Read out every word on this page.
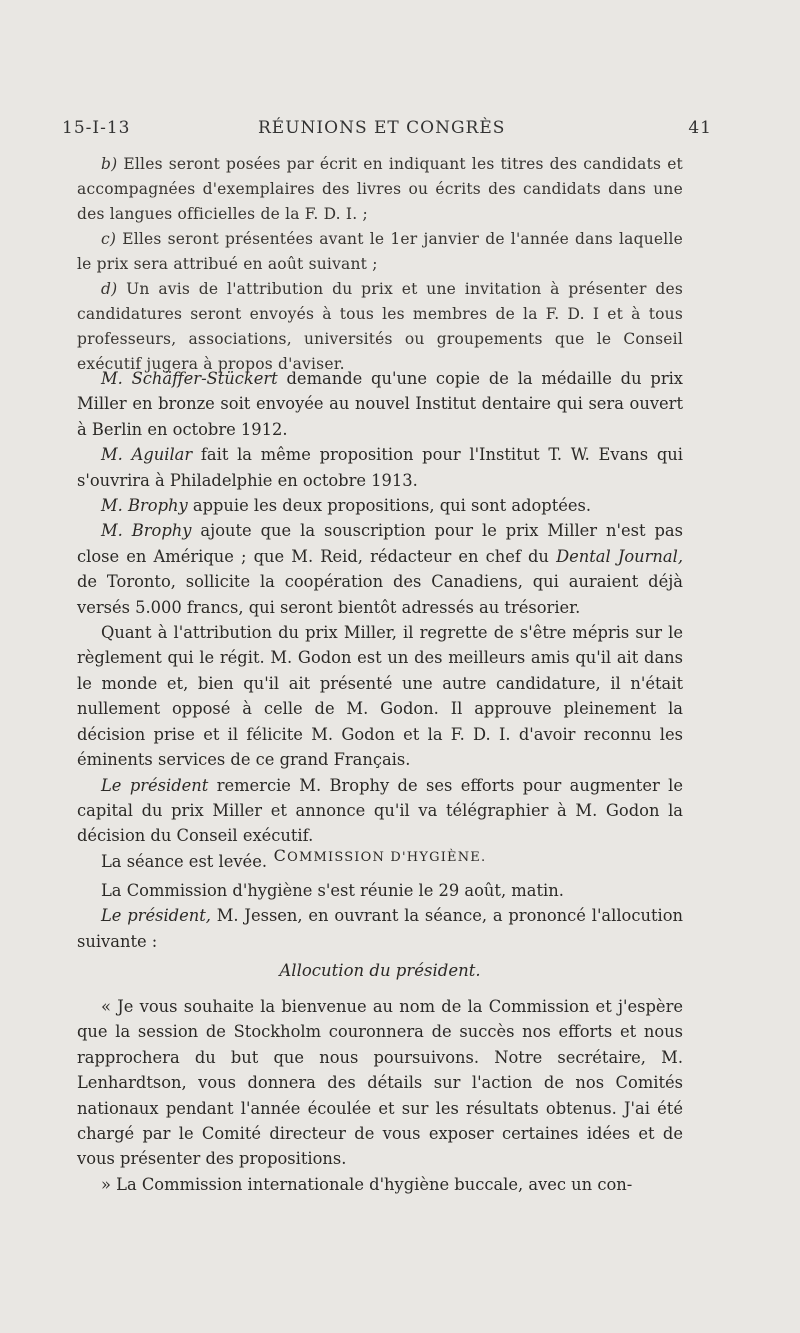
15-I-13	RÉUNIONS ET CONGRÈS	41

b) Elles seront posées par écrit en indiquant les titres des candidats et accompagnées d'exemplaires des livres ou écrits des candidats dans une des langues officielles de la F. D. I. ;

c) Elles seront présentées avant le 1er janvier de l'année dans laquelle le prix sera attribué en août suivant ;

d) Un avis de l'attribution du prix et une invitation à présenter des candidatures seront envoyés à tous les membres de la F. D. I et à tous professeurs, associations, universités ou groupements que le Conseil exécutif jugera à propos d'aviser.

M. Schäffer-Stückert demande qu'une copie de la médaille du prix Miller en bronze soit envoyée au nouvel Institut dentaire qui sera ouvert à Berlin en octobre 1912.

M. Aguilar fait la même proposition pour l'Institut T. W. Evans qui s'ouvrira à Philadelphie en octobre 1913.

M. Brophy appuie les deux propositions, qui sont adoptées.

M. Brophy ajoute que la souscription pour le prix Miller n'est pas close en Amérique ; que M. Reid, rédacteur en chef du Dental Journal, de Toronto, sollicite la coopération des Canadiens, qui auraient déjà versés 5.000 francs, qui seront bientôt adressés au trésorier.

Quant à l'attribution du prix Miller, il regrette de s'être mépris sur le règlement qui le régit. M. Godon est un des meilleurs amis qu'il ait dans le monde et, bien qu'il ait présenté une autre candidature, il n'était nullement opposé à celle de M. Godon. Il approuve pleinement la décision prise et il félicite M. Godon et la F. D. I. d'avoir reconnu les éminents services de ce grand Français.

Le président remercie M. Brophy de ses efforts pour augmenter le capital du prix Miller et annonce qu'il va télégraphier à M. Godon la décision du Conseil exécutif.

La séance est levée. COMMISSION D'HYGIÈNE.

La Commission d'hygiène s'est réunie le 29 août, matin.

Le président, M. Jessen, en ouvrant la séance, a prononcé l'allocution suivante :

Allocution du président.

« Je vous souhaite la bienvenue au nom de la Commission et j'espère que la session de Stockholm couronnera de succès nos efforts et nous rapprochera du but que nous poursuivons. Notre secrétaire, M. Lenhardtson, vous donnera des détails sur l'action de nos Comités nationaux pendant l'année écoulée et sur les résultats obtenus. J'ai été chargé par le Comité directeur de vous exposer certaines idées et de vous présenter des propositions.

» La Commission internationale d'hygiène buccale, avec un con-
